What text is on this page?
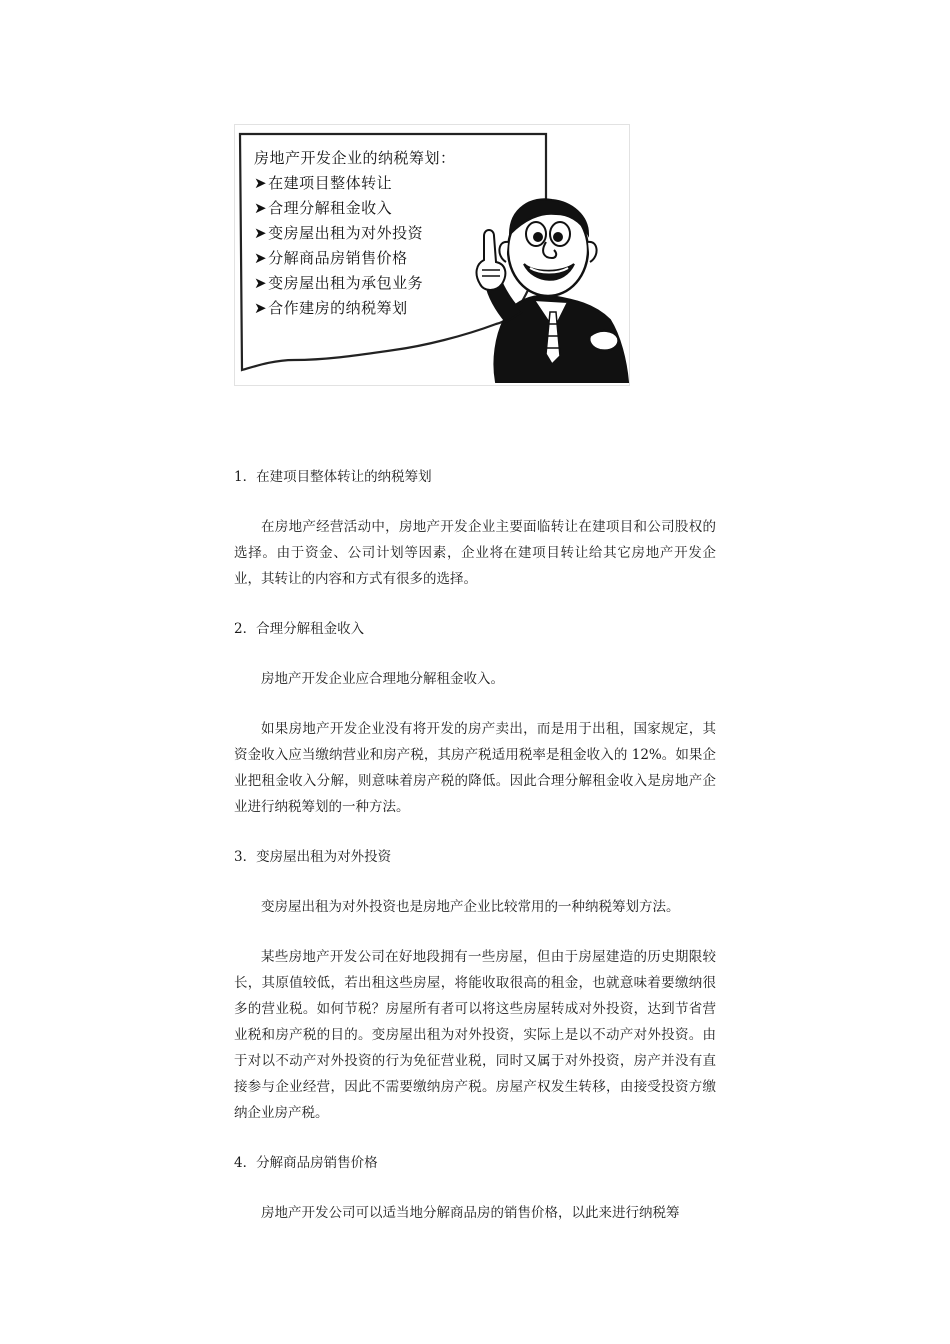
房地产开发企业的纳税筹划：
➤在建项目整体转让
➤合理分解租金收入
➤变房屋出租为对外投资
➤分解商品房销售价格
➤变房屋出租为承包业务
➤合作建房的纳税筹划

1．在建项目整体转让的纳税筹划

在房地产经营活动中，房地产开发企业主要面临转让在建项目和公司股权的选择。由于资金、公司计划等因素，企业将在建项目转让给其它房地产开发企业，其转让的内容和方式有很多的选择。

2．合理分解租金收入

房地产开发企业应合理地分解租金收入。

如果房地产开发企业没有将开发的房产卖出，而是用于出租，国家规定，其资金收入应当缴纳营业和房产税，其房产税适用税率是租金收入的 12%。如果企业把租金收入分解，则意味着房产税的降低。因此合理分解租金收入是房地产企业进行纳税筹划的一种方法。

3．变房屋出租为对外投资

变房屋出租为对外投资也是房地产企业比较常用的一种纳税筹划方法。

某些房地产开发公司在好地段拥有一些房屋，但由于房屋建造的历史期限较长，其原值较低，若出租这些房屋，将能收取很高的租金，也就意味着要缴纳很多的营业税。如何节税？房屋所有者可以将这些房屋转成对外投资，达到节省营业税和房产税的目的。变房屋出租为对外投资，实际上是以不动产对外投资。由于对以不动产对外投资的行为免征营业税，同时又属于对外投资，房产并没有直接参与企业经营，因此不需要缴纳房产税。房屋产权发生转移，由接受投资方缴纳企业房产税。

4．分解商品房销售价格

房地产开发公司可以适当地分解商品房的销售价格，以此来进行纳税筹
